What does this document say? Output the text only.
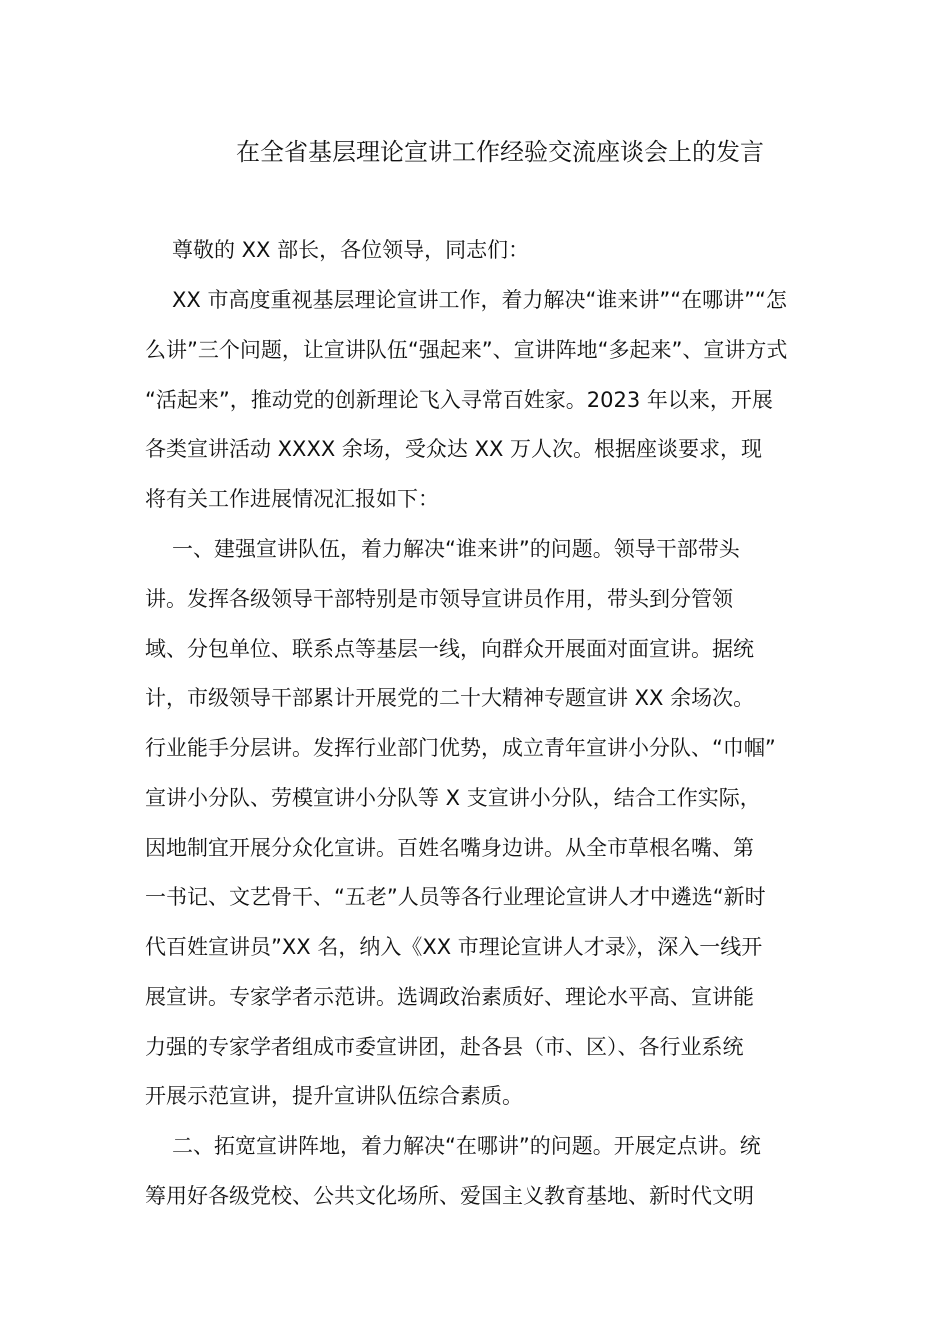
在全省基层理论宣讲工作经验交流座谈会上的发言

尊敬的 XX 部长，各位领导，同志们：

XX 市高度重视基层理论宣讲工作，着力解决“谁来讲”“在哪讲”“怎

么讲”三个问题，让宣讲队伍“强起来”、宣讲阵地“多起来”、宣讲方式

“活起来”，推动党的创新理论飞入寻常百姓家。2023 年以来，开展

各类宣讲活动 XXXX 余场，受众达 XX 万人次。根据座谈要求，现

将有关工作进展情况汇报如下：

一、建强宣讲队伍，着力解决“谁来讲”的问题。领导干部带头

讲。发挥各级领导干部特别是市领导宣讲员作用，带头到分管领

域、分包单位、联系点等基层一线，向群众开展面对面宣讲。据统

计，市级领导干部累计开展党的二十大精神专题宣讲 XX 余场次。

行业能手分层讲。发挥行业部门优势，成立青年宣讲小分队、“巾帼”

宣讲小分队、劳模宣讲小分队等 X 支宣讲小分队，结合工作实际，

因地制宜开展分众化宣讲。百姓名嘴身边讲。从全市草根名嘴、第

一书记、文艺骨干、“五老”人员等各行业理论宣讲人才中遴选“新时

代百姓宣讲员”XX 名，纳入《XX 市理论宣讲人才录》，深入一线开

展宣讲。专家学者示范讲。选调政治素质好、理论水平高、宣讲能

力强的专家学者组成市委宣讲团，赴各县（市、区）、各行业系统

开展示范宣讲，提升宣讲队伍综合素质。

二、拓宽宣讲阵地，着力解决“在哪讲”的问题。开展定点讲。统

筹用好各级党校、公共文化场所、爱国主义教育基地、新时代文明
